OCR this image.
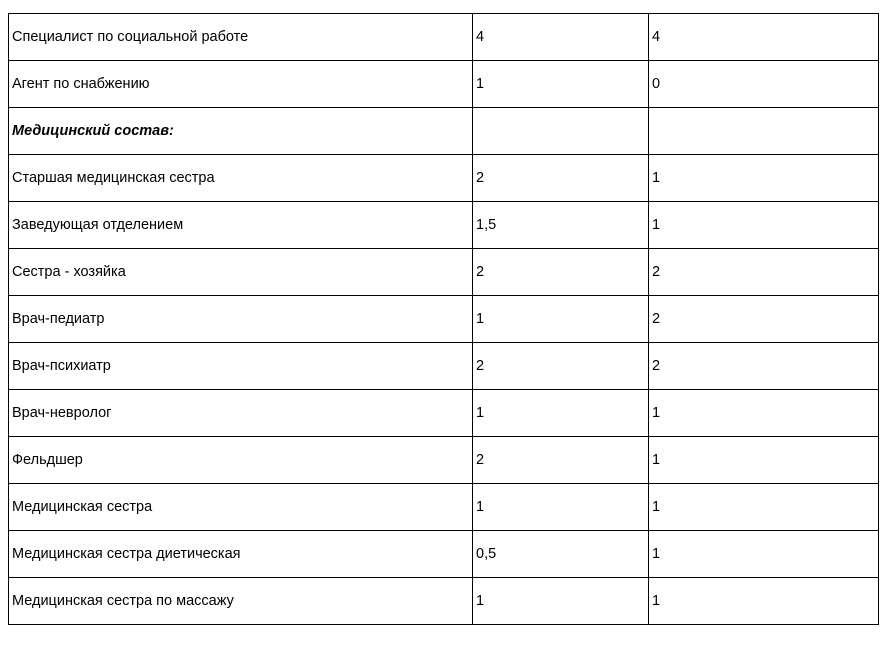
Специалист по социальной работе	4	4
Агент по снабжению	1	0
Медицинский состав:		
Старшая медицинская сестра	2	1
Заведующая отделением	1,5	1
Сестра - хозяйка	2	2
Врач-педиатр	1	2
Врач-психиатр	2	2
Врач-невролог	1	1
Фельдшер	2	1
Медицинская сестра	1	1
Медицинская сестра диетическая	0,5	1
Медицинская сестра по массажу	1	1
